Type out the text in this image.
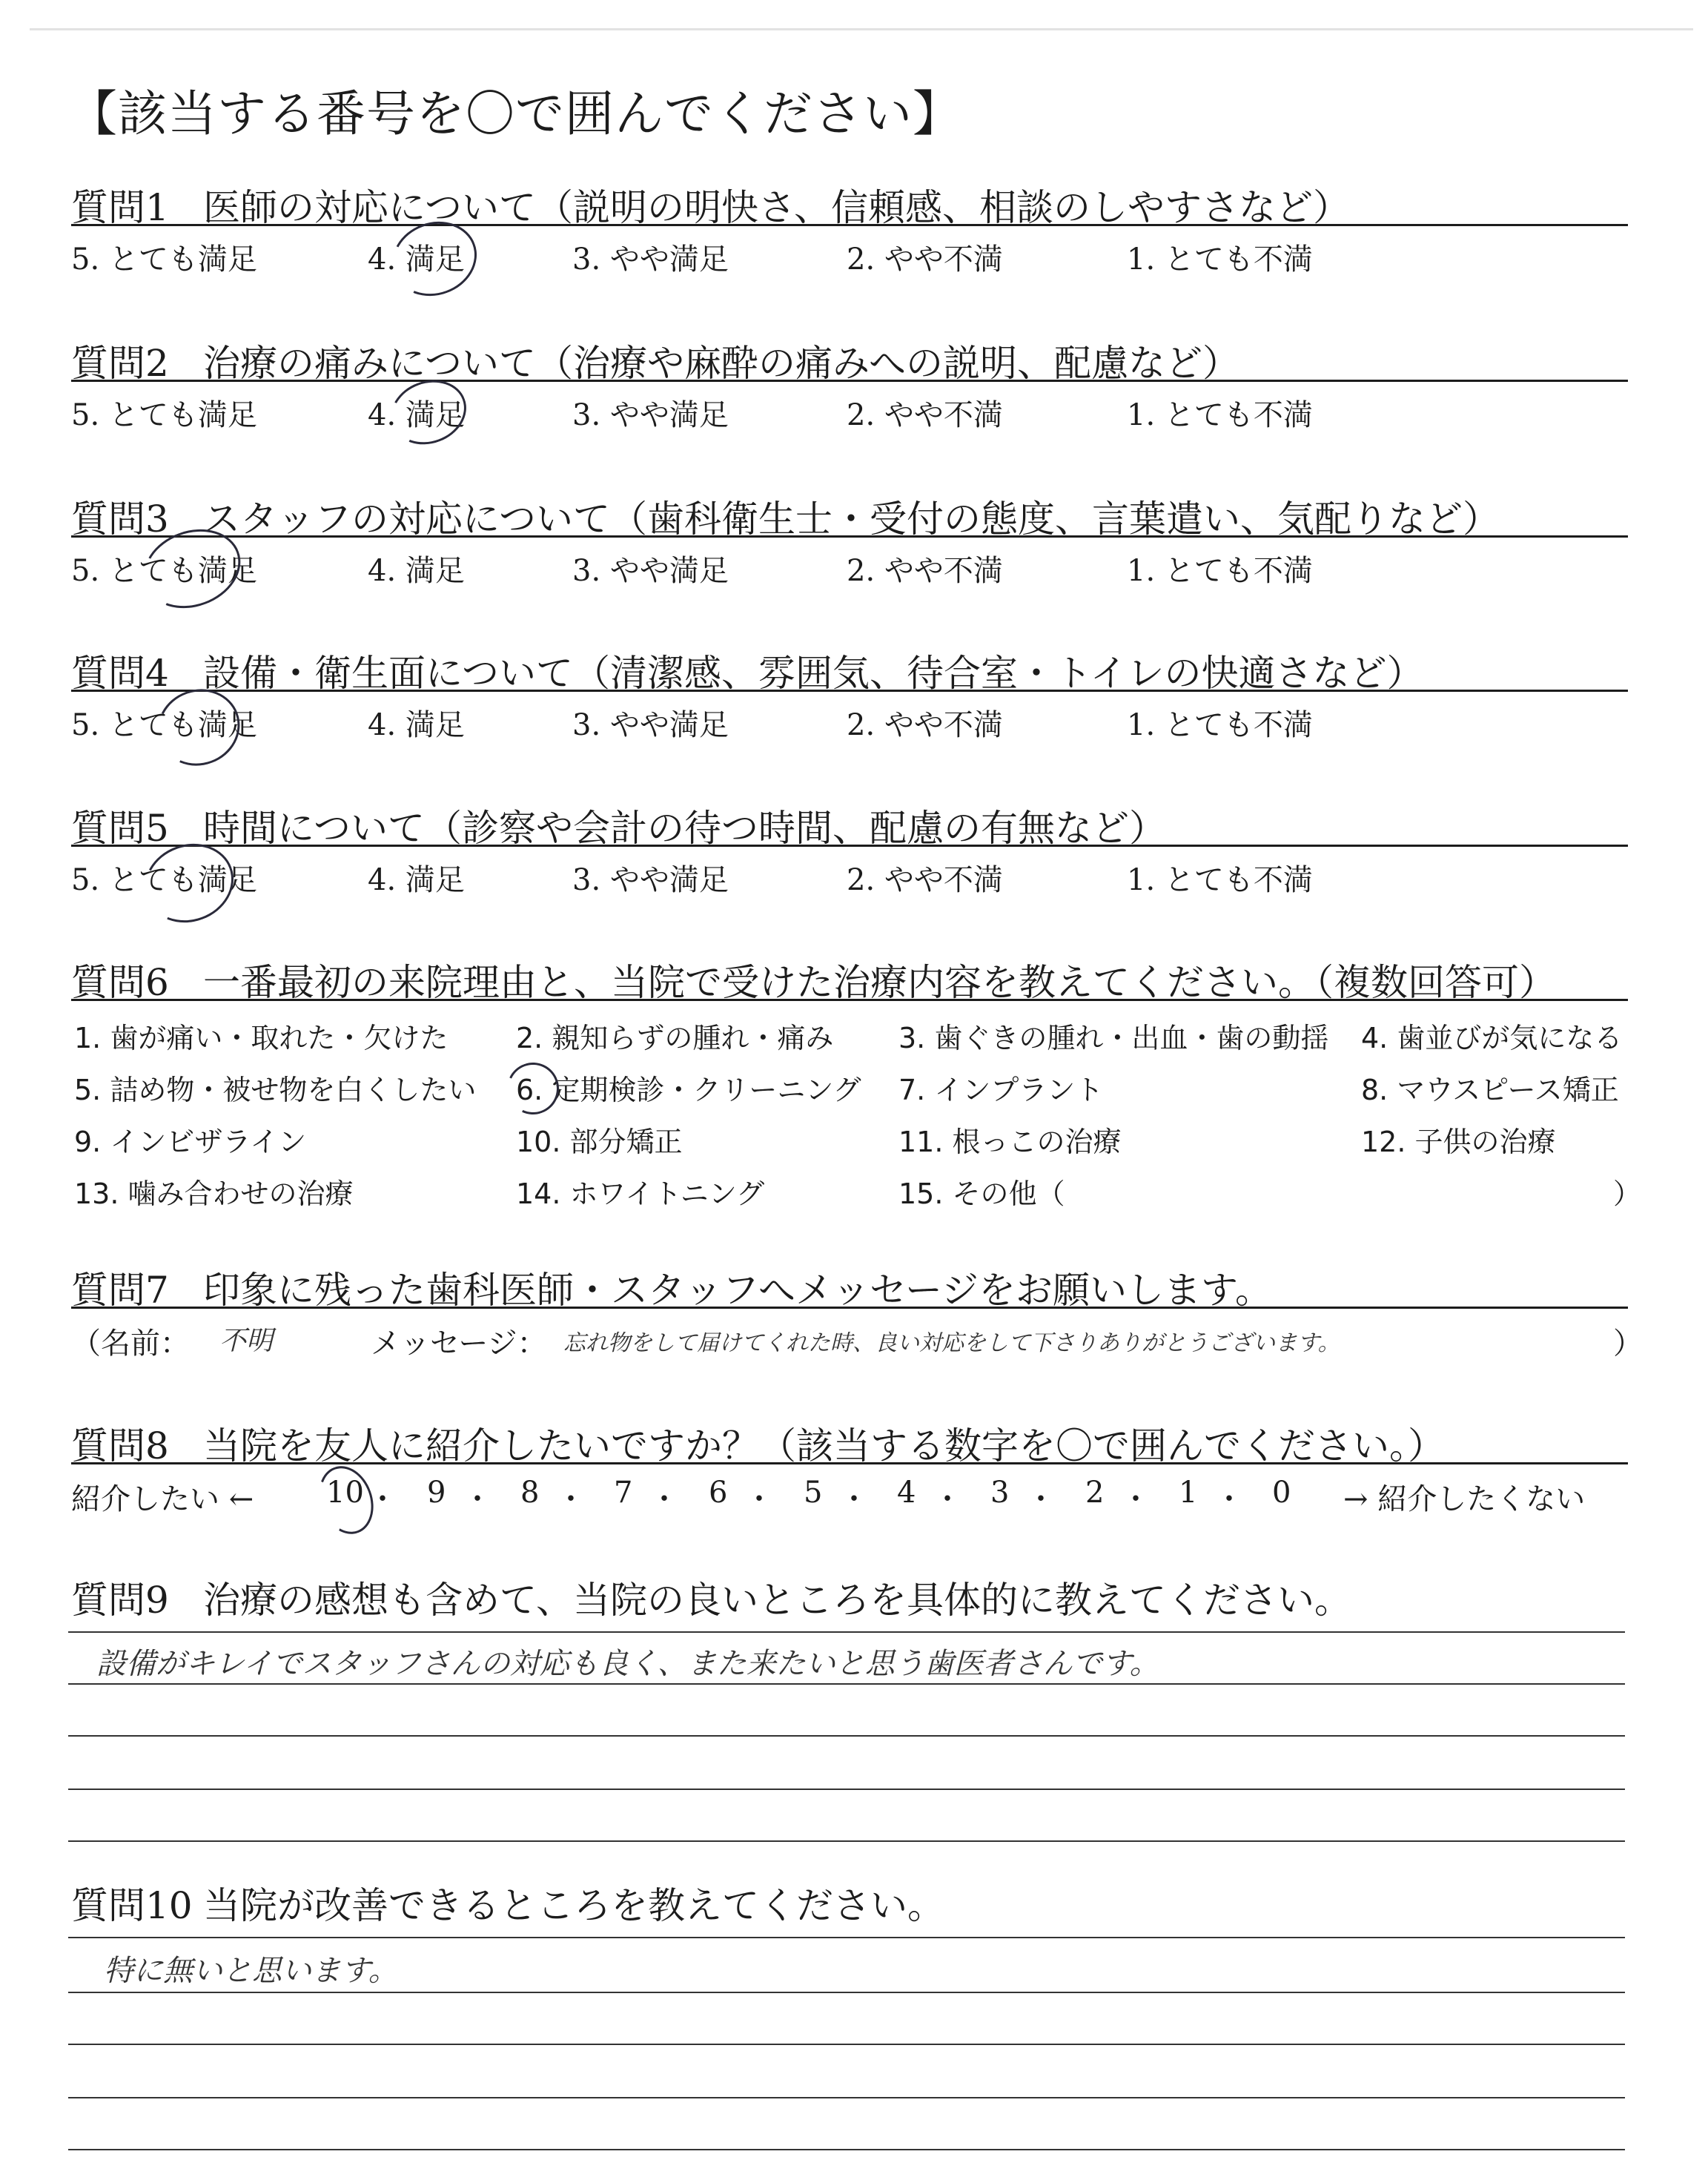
【該当する番号を〇で囲んでください】
質問1 医師の対応について（説明の明快さ、信頼感、相談のしやすさなど）
5. とても満足	4. 満足	3. やや満足	2. やや不満	1. とても不満
質問2 治療の痛みについて（治療や麻酔の痛みへの説明、配慮など）
5. とても満足	4. 満足	3. やや満足	2. やや不満	1. とても不満
質問3 スタッフの対応について（歯科衛生士・受付の態度、言葉遣い、気配りなど）
5. とても満足	4. 満足	3. やや満足	2. やや不満	1. とても不満
質問4 設備・衛生面について（清潔感、雰囲気、待合室・トイレの快適さなど）
5. とても満足	4. 満足	3. やや満足	2. やや不満	1. とても不満
質問5 時間について（診察や会計の待つ時間、配慮の有無など）
5. とても満足	4. 満足	3. やや満足	2. やや不満	1. とても不満
質問6 一番最初の来院理由と、当院で受けた治療内容を教えてください。（複数回答可）
1. 歯が痛い・取れた・欠けた 2. 親知らずの腫れ・痛み 3. 歯ぐきの腫れ・出血・歯の動揺 4. 歯並びが気になる
5. 詰め物・被せ物を白くしたい 6. 定期検診・クリーニング 7. インプラント	8. マウスピース矯正
9. インビザライン	10. 部分矯正	11. 根っこの治療	12. 子供の治療
13. 噛み合わせの治療	14. ホワイトニング	15. その他（	）
質問7 印象に残った歯科医師・スタッフへメッセージをお願いします。
（名前： 不明	メッセージ： 忘れ物をして届けてくれた時、良い対応をして下さりありがとうございます。	）
質問8 当院を友人に紹介したいですか？（該当する数字を〇で囲んでください。）
紹介したい ← 10 ・ 9 ・ 8 ・ 7 ・ 6 ・ 5 ・ 4 ・ 3 ・ 2 ・ 1 ・ 0 → 紹介したくない
質問9 治療の感想も含めて、当院の良いところを具体的に教えてください。
設備がキレイでスタッフさんの対応も良く、また来たいと思う歯医者さんです。
質問10 当院が改善できるところを教えてください。
特に無いと思います。
